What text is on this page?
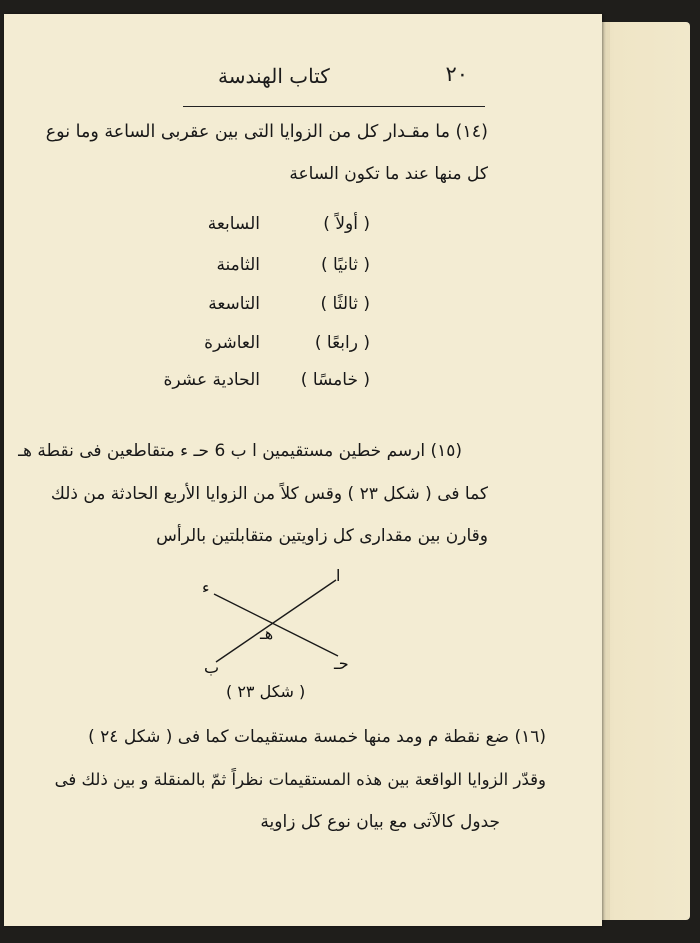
كتاب الهندسة	٢٠
(١٤) ما مقـدار كل من الزوايا التى بين عقربى الساعة وما نوع
كل منها عند ما تكون الساعة
( أولاً )
السابعة
( ثانيًا )
الثامنة
( ثالثًا )
التاسعة
( رابعًا )
العاشرة
( خامسًا )
الحادية عشرة
(١٥) ارسم خطين مستقيمين ا ب 6 حـ ء متقاطعين فى نقطة هـ
كما فى ( شكل ٢٣ ) وقس كلاً من الزوايا الأربع الحادثة من ذلك
وقارن بين مقدارى كل زاويتين متقابلتين بالرأس
ا
ب	حـ
ء
هـ
( شكل ٢٣ )
(١٦) ضع نقطة م ومد منها خمسة مستقيمات كما فى ( شكل ٢٤ )
وقدّر الزوايا الواقعة بين هذه المستقيمات نظراً ثمّ بالمنقلة و بين ذلك فى
جدول كالآتى مع بيان نوع كل زاوية
